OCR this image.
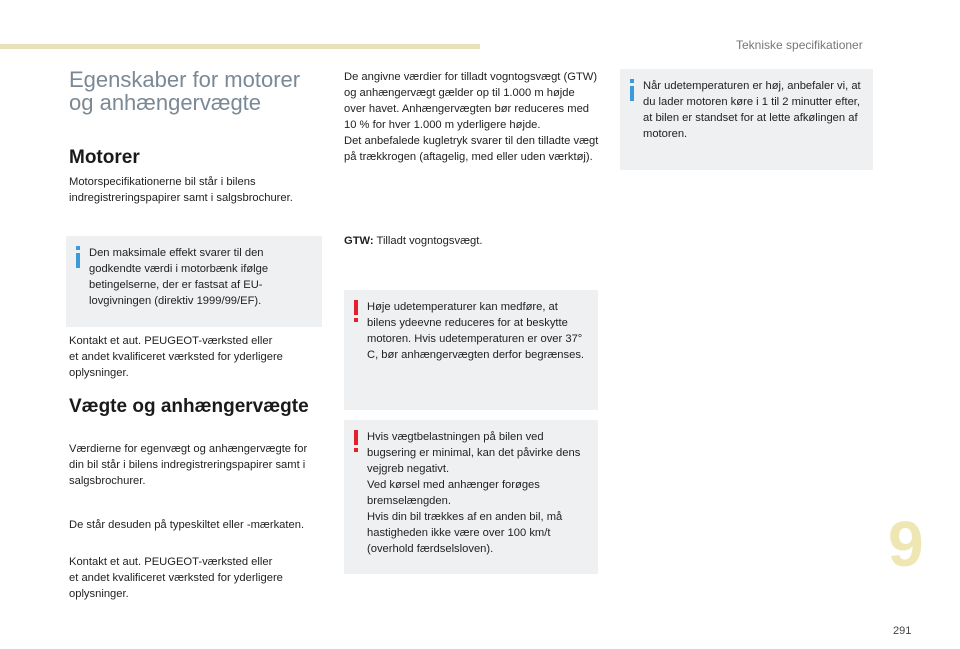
Tekniske specifikationer
Egenskaber for motorer og anhængervægte
Motorer

Motorspecifikationerne bil står i bilens indregistreringspapirer samt i salgsbrochurer.

Den maksimale effekt svarer til den godkendte værdi i motorbænk ifølge betingelserne, der er fastsat af EU-lovgivningen (direktiv 1999/99/EF).

Kontakt et aut. PEUGEOT-værksted eller
et andet kvalificeret værksted for yderligere oplysninger.

Vægte og anhængervægte

Værdierne for egenvægt og anhængervægte for din bil står i bilens indregistreringspapirer samt i salgsbrochurer.

De står desuden på typeskiltet eller -mærkaten.

Kontakt et aut. PEUGEOT-værksted eller
et andet kvalificeret værksted for yderligere oplysninger.

De angivne værdier for tilladt vogntogsvægt (GTW) og anhængervægt gælder op til 1.000 m højde over havet. Anhængervægten bør reduceres med 10 % for hver 1.000 m yderligere højde.
Det anbefalede kugletryk svarer til den tilladte vægt på trækkrogen (aftagelig, med eller uden værktøj).

GTW: Tilladt vogntogsvægt.

Høje udetemperaturer kan medføre, at bilens ydeevne reduceres for at beskytte motoren. Hvis udetemperaturen er over 37° C, bør anhængervægten derfor begrænses.

Hvis vægtbelastningen på bilen ved bugsering er minimal, kan det påvirke dens vejgreb negativt.
Ved kørsel med anhænger forøges bremselængden.
Hvis din bil trækkes af en anden bil, må hastigheden ikke være over 100 km/t (overhold færdselsloven).

Når udetemperaturen er høj, anbefaler vi, at du lader motoren køre i 1 til 2 minutter efter, at bilen er standset for at lette afkølingen af motoren.

9
291
